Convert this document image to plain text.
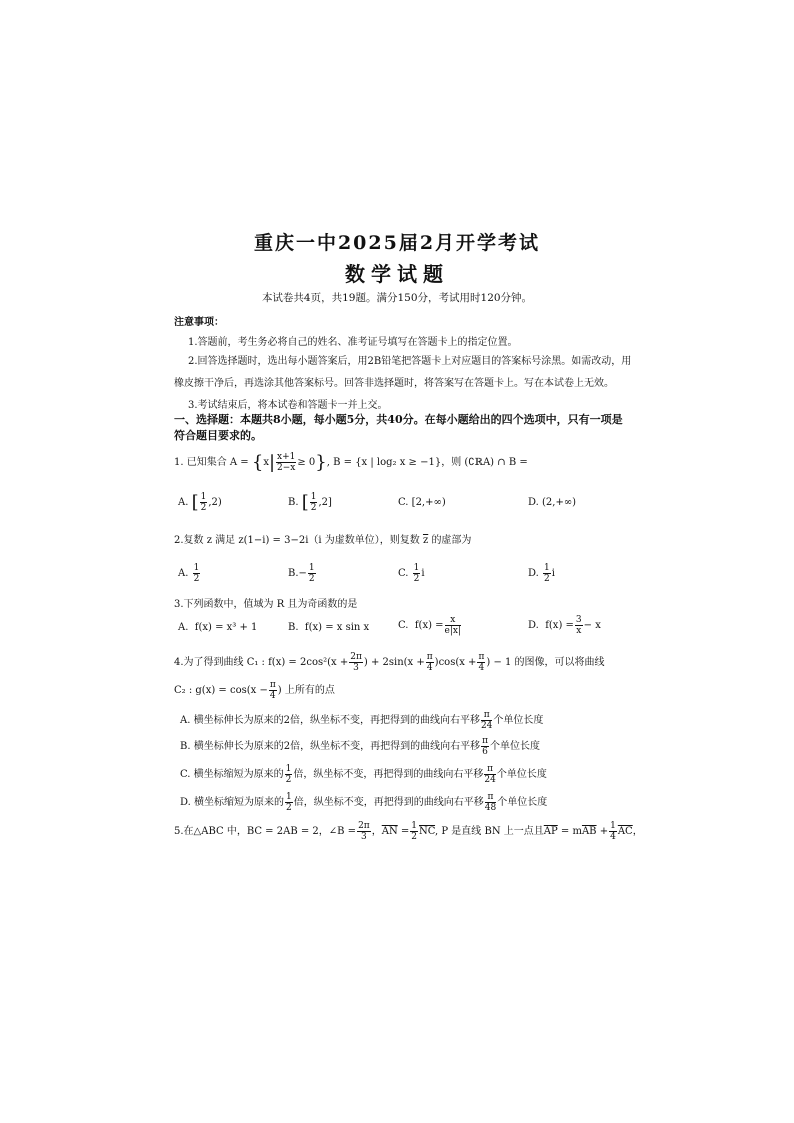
重庆一中2025届2月开学考试
数学试题
本试卷共4页，共19题。满分150分，考试用时120分钟。
注意事项：
1.答题前，考生务必将自己的姓名、准考证号填写在答题卡上的指定位置。
2.回答选择题时，选出每小题答案后，用2B铅笔把答题卡上对应题目的答案标号涂黑。如需改动，用
橡皮擦干净后，再选涂其他答案标号。回答非选择题时，将答案写在答题卡上。写在本试卷上无效。
3.考试结束后，将本试卷和答题卡一并上交。
一、选择题：本题共8小题，每小题5分，共40分。在每小题给出的四个选项中，只有一项是符合题目要求的。
1. 已知集合 $A = \{x| \frac{x+1}{2-x} \ge 0\}$, B = {x | log₂ x ≥ −1}，则 (∁ℝA) ∩ B =
A. [ $\frac{1}{2} ,2$)	B. [ $\frac{1}{2} ,2$]	C. [2,+∞)	D. (2,+∞)
2.复数 z 满足 z(1−i) = 3−2i（i 为虚数单位），则复数 $\overline{z}$ 的虚部为
A. $\frac{1}{2}$	$B.- \frac{1}{2}$	C. $\frac{1}{2}$ i	D. $\frac{1}{2}$ i
3.下列函数中，值域为 R 且为奇函数的是
A. f(x) = x³ + 1	B. f(x) = x sin x	C. $f(x) = \frac{x}{e|x|}$	D. $f(x) = \frac{3}{x} - x$
4.为了得到曲线 C₁ : $f(x) = 2\cos^2(x + \frac{2\pi}{3}$ ) + $2\sin(x + \frac{\pi}{4} )\cos(x + \frac{\pi}{4}$ ) − 1 的图像，可以将曲线
C₂ : $g(x) = \cos(x - \frac{\pi}{4}$ ) 上所有的点
A. 横坐标伸长为原来的2倍，纵坐标不变，再把得到的曲线向右平移 $\frac{\pi}{24}$ 个单位长度
B. 横坐标伸长为原来的2倍，纵坐标不变，再把得到的曲线向右平移 $\frac{\pi}{6}$ 个单位长度
C. 横坐标缩短为原来的 $\frac{1}{2}$ 倍，纵坐标不变，再把得到的曲线向右平移 $\frac{\pi}{24}$ 个单位长度
D. 横坐标缩短为原来的 $\frac{1}{2}$ 倍，纵坐标不变，再把得到的曲线向右平移 $\frac{\pi}{48}$ 个单位长度
5.在△ABC 中，BC = 2AB = 2，∠B = $\frac{2\pi}{3}$ ，$\overline{AN} = \frac{1}{2} \overline{NC}$, P 是直线 BN 上一点且$\overline{AP} = m\overline{AB} + \frac{1}{4} \overline{AC}$，
